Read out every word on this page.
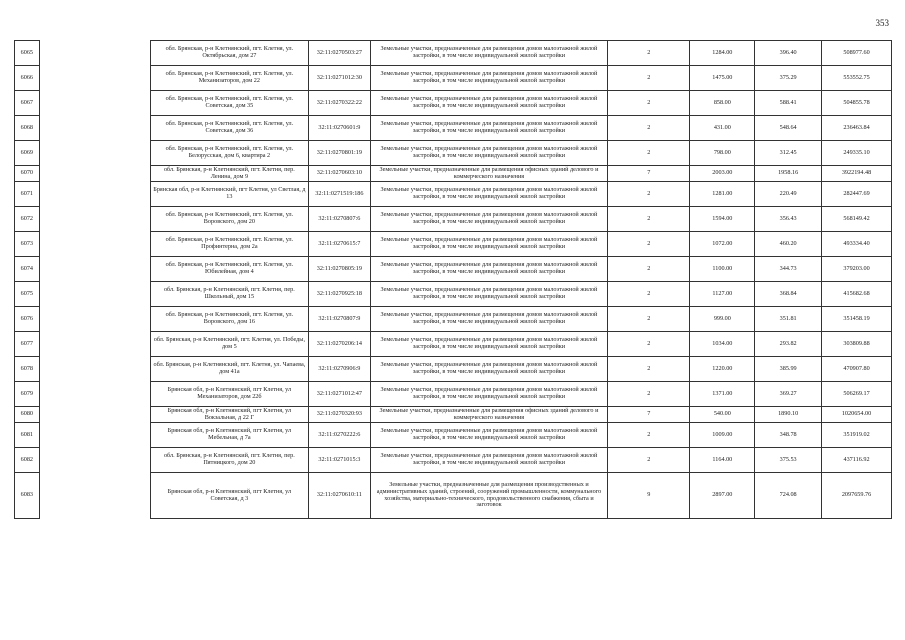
353
6065		обл. Брянская, р-н Клетнянский, пгт. Клетня, ул. Октябрьская, дом 27	32:11:0270503:27	Земельные участки, предназначенные для размещения домов малоэтажной жилой застройки, в том числе индивидуальной жилой застройки	2	1284.00	396.40	508977.60
6066		обл. Брянская, р-н Клетнянский, пгт. Клетня, ул. Механизаторов, дом 22	32:11:0271012:30	Земельные участки, предназначенные для размещения домов малоэтажной жилой застройки, в том числе индивидуальной жилой застройки	2	1475.00	375.29	553552.75
6067		обл. Брянская, р-н Клетнянский, пгт. Клетня, ул. Советская, дом 35	32:11:0270322:22	Земельные участки, предназначенные для размещения домов малоэтажной жилой застройки, в том числе индивидуальной жилой застройки	2	858.00	588.41	504855.78
6068		обл. Брянская, р-н Клетнянский, пгт. Клетня, ул. Советская, дом 36	32:11:0270601:9	Земельные участки, предназначенные для размещения домов малоэтажной жилой застройки, в том числе индивидуальной жилой застройки	2	431.00	548.64	236463.84
6069		обл. Брянская, р-н Клетнянский, пгт. Клетня, ул. Белорусская, дом 6, квартира 2	32:11:0270801:19	Земельные участки, предназначенные для размещения домов малоэтажной жилой застройки, в том числе индивидуальной жилой застройки	2	798.00	312.45	249335.10
6070		обл. Брянская, р-н Клетнянский, пгт. Клетня, пер. Ленина, дом 9	32:11:0270603:10	Земельные участки, предназначенные для размещения офисных зданий делового и коммерческого назначения	7	2003.00	1958.16	3922194.48
6071		Брянская обл, р-н Клетнянский, пгт Клетня, ул Светлая, д 13	32:11:0271519:186	Земельные участки, предназначенные для размещения домов малоэтажной жилой застройки, в том числе индивидуальной жилой застройки	2	1281.00	220.49	282447.69
6072		обл. Брянская, р-н Клетнянский, пгт. Клетня, ул. Воровского, дом 20	32:11:0270807:6	Земельные участки, предназначенные для размещения домов малоэтажной жилой застройки, в том числе индивидуальной жилой застройки	2	1594.00	356.43	568149.42
6073		обл. Брянская, р-н Клетнянский, пгт. Клетня, ул. Профинтерна, дом 2а	32:11:0270615:7	Земельные участки, предназначенные для размещения домов малоэтажной жилой застройки, в том числе индивидуальной жилой застройки	2	1072.00	460.20	493334.40
6074		обл. Брянская, р-н Клетнянский, пгт. Клетня, ул. Юбилейная, дом 4	32:11:0270805:19	Земельные участки, предназначенные для размещения домов малоэтажной жилой застройки, в том числе индивидуальной жилой застройки	2	1100.00	344.73	379203.00
6075		обл. Брянская, р-н Клетнянский, пгт. Клетня, пер. Школьный, дом 15	32:11:0270925:18	Земельные участки, предназначенные для размещения домов малоэтажной жилой застройки, в том числе индивидуальной жилой застройки	2	1127.00	368.84	415682.68
6076		обл. Брянская, р-н Клетнянский, пгт. Клетня, ул. Воровского, дом 16	32:11:0270807:9	Земельные участки, предназначенные для размещения домов малоэтажной жилой застройки, в том числе индивидуальной жилой застройки	2	999.00	351.81	351458.19
6077		обл. Брянская, р-н Клетнянский, пгт. Клетня, ул. Победы, дом 5	32:11:0270206:14	Земельные участки, предназначенные для размещения домов малоэтажной жилой застройки, в том числе индивидуальной жилой застройки	2	1034.00	293.82	303809.88
6078		обл. Брянская, р-н Клетнянский, пгт. Клетня, ул. Чапаева, дом 41а	32:11:0270906:9	Земельные участки, предназначенные для размещения домов малоэтажной жилой застройки, в том числе индивидуальной жилой застройки	2	1220.00	385.99	470907.80
6079		Брянская обл, р-н Клетнянский, пгт Клетня, ул Механизаторов, дом 22б	32:11:0271012:47	Земельные участки, предназначенные для размещения домов малоэтажной жилой застройки, в том числе индивидуальной жилой застройки	2	1371.00	369.27	506269.17
6080		Брянская обл, р-н Клетнянский, пгт Клетня, ул Вокзальная, д 22 Г	32:11:0270320:93	Земельные участки, предназначенные для размещения офисных зданий делового и коммерческого назначения	7	540.00	1890.10	1020654.00
6081		Брянская обл, р-н Клетнянский, пгт Клетня, ул Мебельная, д 7а	32:11:0270222:6	Земельные участки, предназначенные для размещения домов малоэтажной жилой застройки, в том числе индивидуальной жилой застройки	2	1009.00	348.78	351919.02
6082		обл. Брянская, р-н Клетнянский, пгт. Клетня, пер. Пятницкого, дом 20	32:11:0271015:3	Земельные участки, предназначенные для размещения домов малоэтажной жилой застройки, в том числе индивидуальной жилой застройки	2	1164.00	375.53	437116.92
6083		Брянская обл, р-н Клетнянский, пгт Клетня, ул Советская, д 3	32:11:0270610:11	Земельные участки, предназначенные для размещения производственных и административных зданий, строений, сооружений промышленности, коммунального хозяйства, материально-технического, продовольственного снабжения, сбыта и заготовок	9	2897.00	724.08	2097659.76
